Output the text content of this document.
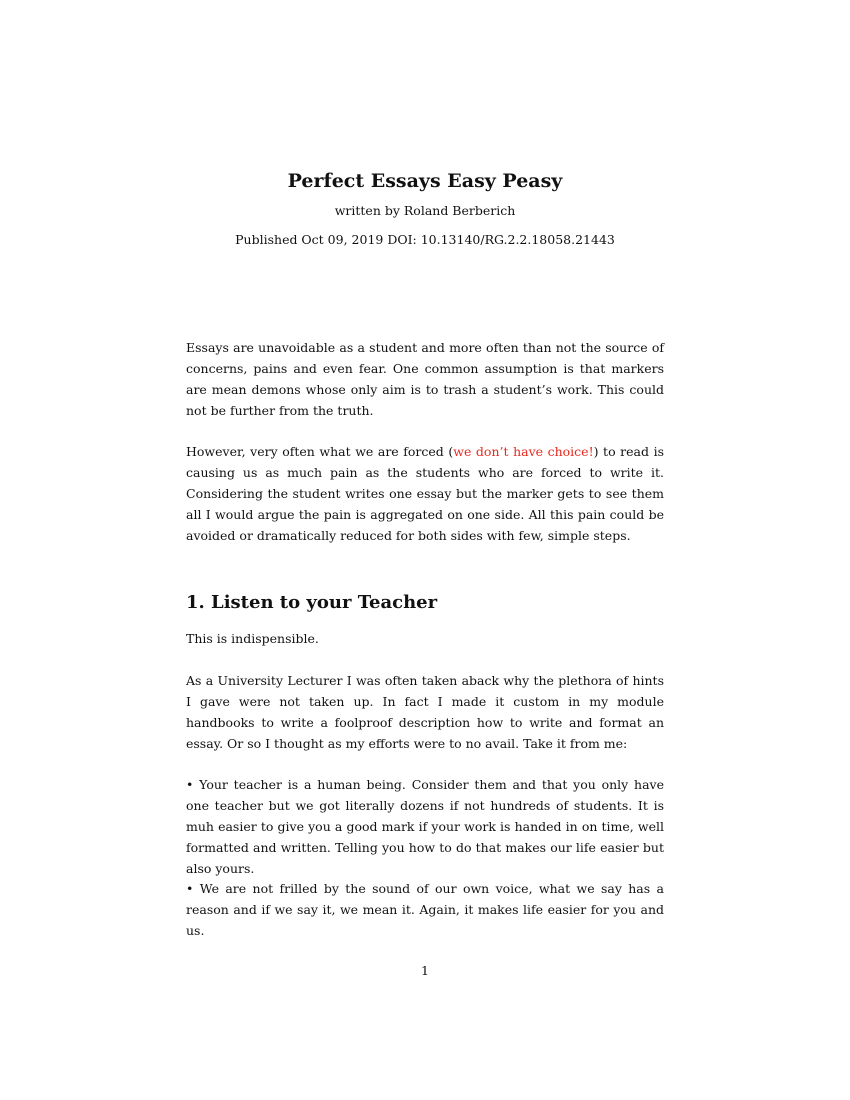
Perfect Essays Easy Peasy
written by Roland Berberich
Published Oct 09, 2019 DOI: 10.13140/RG.2.2.18058.21443

Essays are unavoidable as a student and more often than not the source of concerns, pains and even fear. One common assumption is that markers are mean demons whose only aim is to trash a student’s work. This could not be further from the truth.

However, very often what we are forced (we don’t have choice!) to read is causing us as much pain as the students who are forced to write it. Considering the student writes one essay but the marker gets to see them all I would argue the pain is aggregated on one side. All this pain could be avoided or dramatically reduced for both sides with few, simple steps.

1. Listen to your Teacher

This is indispensible.

As a University Lecturer I was often taken aback why the plethora of hints I gave were not taken up. In fact I made it custom in my module handbooks to write a foolproof description how to write and format an essay. Or so I thought as my efforts were to no avail. Take it from me:

• Your teacher is a human being. Consider them and that you only have one teacher but we got literally dozens if not hundreds of students. It is muh easier to give you a good mark if your work is handed in on time, well formatted and written. Telling you how to do that makes our life easier but also yours.

• We are not frilled by the sound of our own voice, what we say has a reason and if we say it, we mean it. Again, it makes life easier for you and us.

1
